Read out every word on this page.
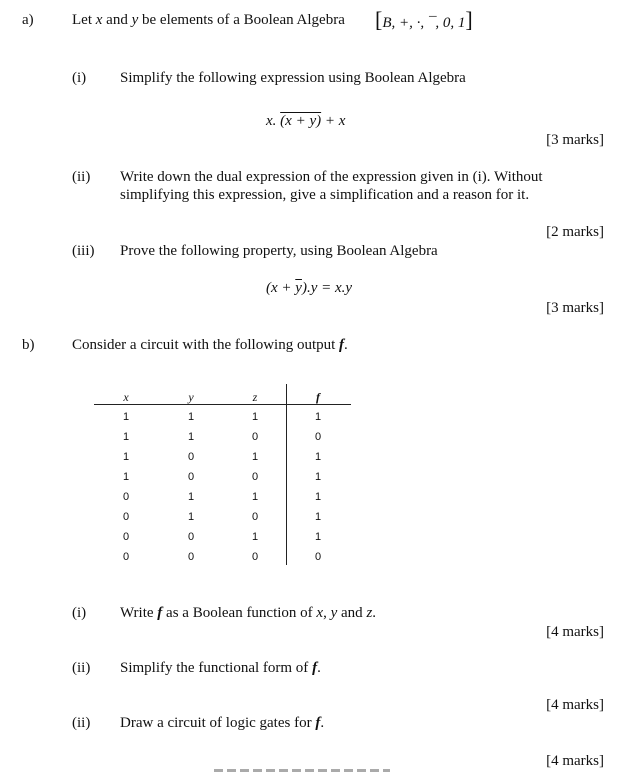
a)	Let x and y be elements of a Boolean Algebra [B, +, ·, ¯, 0, 1]
(i) Simplify the following expression using Boolean Algebra
x. (x + y) + x
[3 marks]
(ii) Write down the dual expression of the expression given in (i). Without
simplifying this expression, give a simplification and a reason for it.
[2 marks]
(iii) Prove the following property, using Boolean Algebra
$(x + \overline{y}).y = x.y$
[3 marks]
b)	Consider a circuit with the following output f.
x	y	z	f
1	1	1	1
1	1	0	0
1	0	1	1
1	0	0	1
0	1	1	1
0	1	0	1
0	0	1	1
0	0	0	0
(i) Write f as a Boolean function of x, y and z.
[4 marks]
(ii) Simplify the functional form of f.
[4 marks]
(ii) Draw a circuit of logic gates for f.
[4 marks]
